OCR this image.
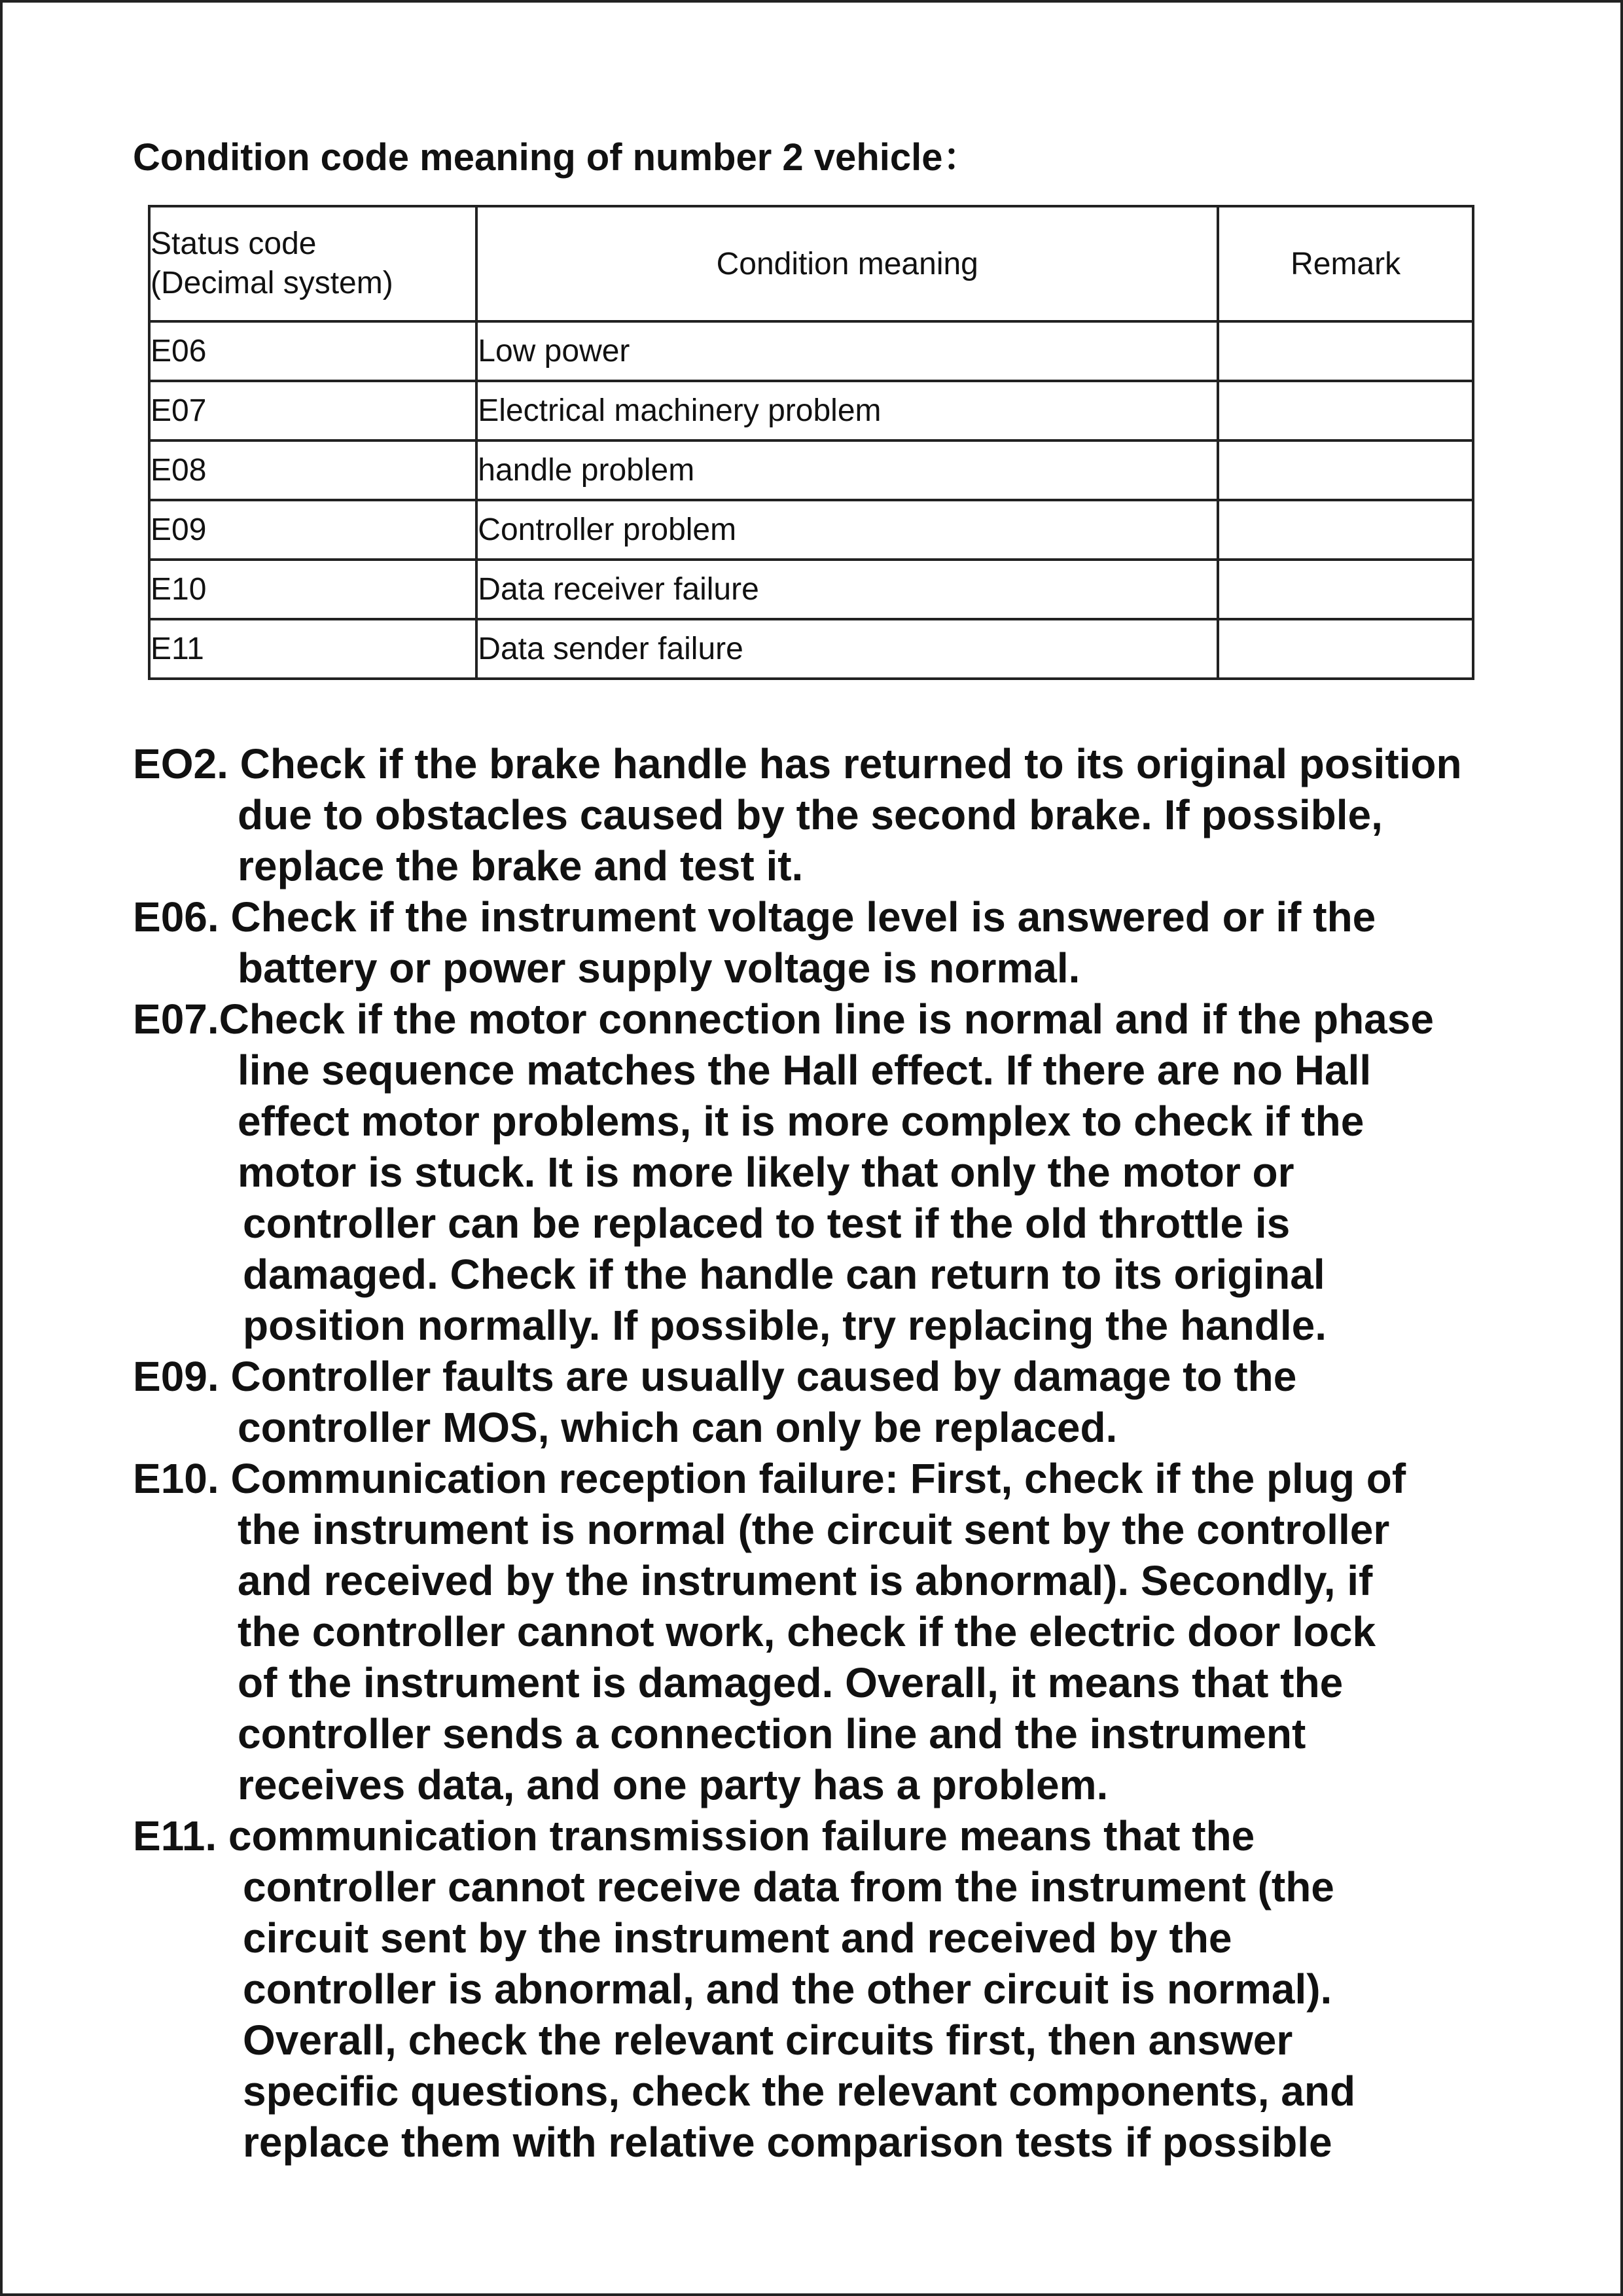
Condition code meaning of number 2 vehicle：
Status code
(Decimal system)	Condition meaning	Remark
E06	Low power	
E07	Electrical machinery problem	
E08	handle problem	
E09	Controller problem	
E10	Data receiver failure	
E11	Data sender failure	

EO2. Check if the brake handle has returned to its original position
due to obstacles caused by the second brake. If possible,
replace the brake and test it.

E06. Check if the instrument voltage level is answered or if the
battery or power supply voltage is normal.

E07.Check if the motor connection line is normal and if the phase
line sequence matches the Hall effect. If there are no Hall
effect motor problems, it is more complex to check if the
motor is stuck. It is more likely that only the motor or
controller can be replaced to test if the old throttle is
damaged. Check if the handle can return to its original
position normally. If possible, try replacing the handle.

E09. Controller faults are usually caused by damage to the
controller MOS, which can only be replaced.

E10. Communication reception failure: First, check if the plug of
the instrument is normal (the circuit sent by the controller
and received by the instrument is abnormal). Secondly, if
the controller cannot work, check if the electric door lock
of the instrument is damaged. Overall, it means that the
controller sends a connection line and the instrument
receives data, and one party has a problem.

E11. communication transmission failure means that the
controller cannot receive data from the instrument (the
circuit sent by the instrument and received by the
controller is abnormal, and the other circuit is normal).
Overall, check the relevant circuits first, then answer
specific questions, check the relevant components, and
replace them with relative comparison tests if possible
